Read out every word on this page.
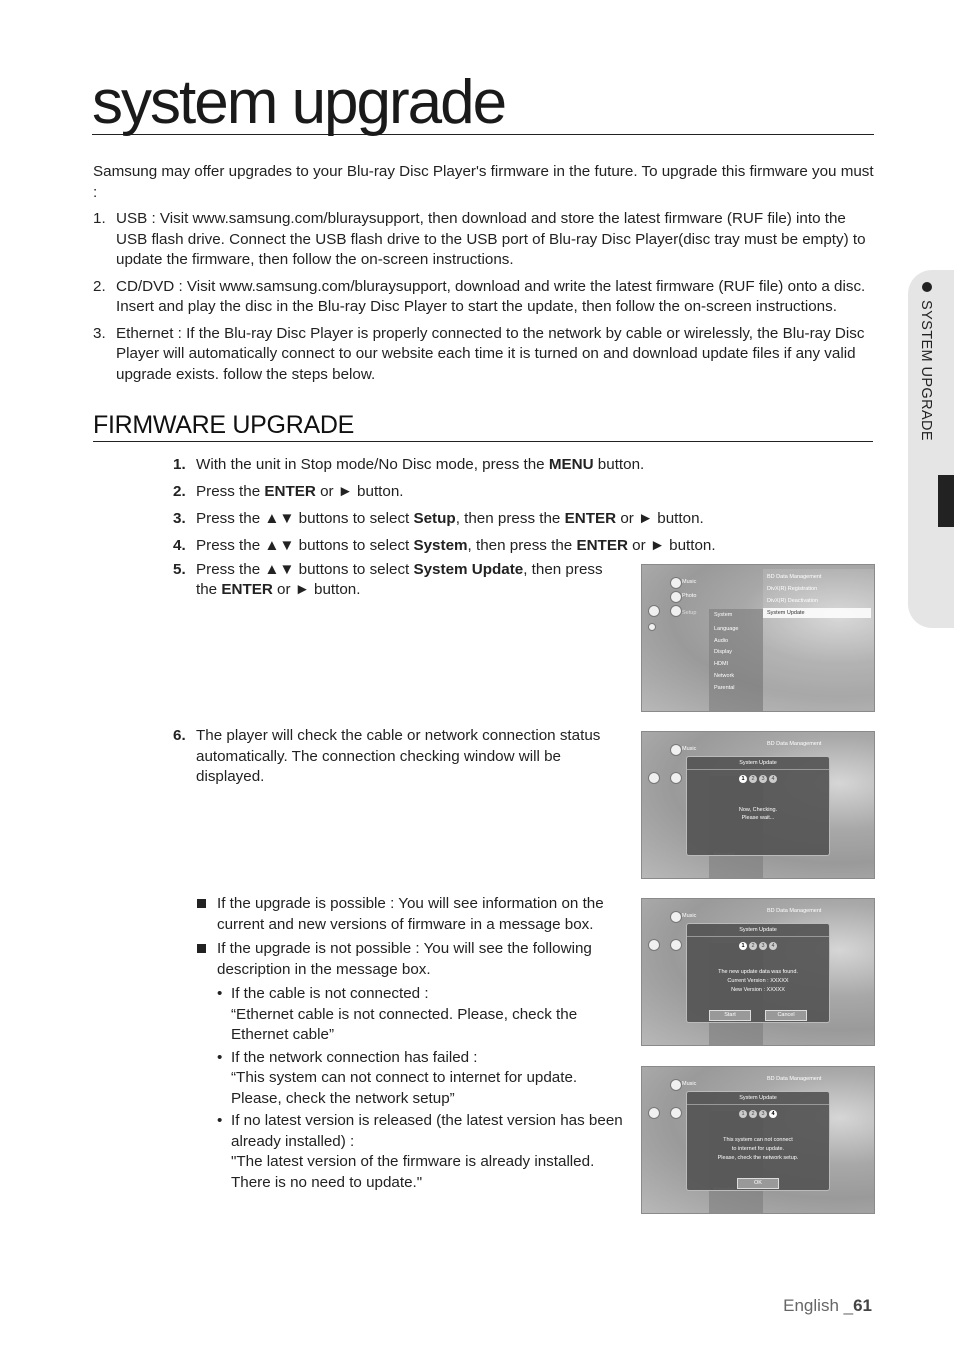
system upgrade

Samsung may offer upgrades to your Blu-ray Disc Player's firmware in the future. To upgrade this firmware you must :

1. USB : Visit www.samsung.com/bluraysupport, then download and store the latest firmware (RUF file) into the USB flash drive. Connect the USB flash drive to the USB port of Blu-ray Disc Player(disc tray must be empty) to update the firmware, then follow the on-screen instructions.
2. CD/DVD : Visit www.samsung.com/bluraysupport, download and write the latest firmware (RUF file) onto a disc. Insert and play the disc in the Blu-ray Disc Player to start the update, then follow the on-screen instructions.
3. Ethernet : If the Blu-ray Disc Player is properly connected to the network by cable or wirelessly, the Blu-ray Disc Player will automatically connect to our website each time it is turned on and download update files if any valid upgrade exists. follow the steps below.
FIRMWARE UPGRADE
1. With the unit in Stop mode/No Disc mode, press the MENU button.
2. Press the ENTER or ► button.
3. Press the ▲▼ buttons to select Setup, then press the ENTER or ► button.
4. Press the ▲▼ buttons to select System, then press the ENTER or ► button.
5. Press the ▲▼ buttons to select System Update, then press
the ENTER or ► button.
6. The player will check the cable or network connection status automatically. The connection checking window will be displayed.
If the upgrade is possible : You will see information on the current and new versions of firmware in a message box.
If the upgrade is not possible : You will see the following description in the message box.
• If the cable is not connected :
“Ethernet cable is not connected. Please, check the Ethernet cable”
• If the network connection has failed :
“This system can not connect to internet for update. Please, check the network setup”
• If no latest version is released (the latest version has been already installed) :
"The latest version of the firmware is already installed. There is no need to update."
Music
Photo
Setup
BD Data Management
DivX(R) Registration
DivX(R) Deactivation
System Update
System
Language
Audio
Display
HDMI
Network
Parental
Music
BD Data Management
System Update
1 2 3 4
Now, Checking.
Please wait...
Music
BD Data Management
System Update
1 2 3 4
The new update data was found.
Current Version : XXXXX
New Version : XXXXX
Start	Cancel
Music
BD Data Management
System Update
1 2 3 4
This system can not connect
to internet for update.
Please, check the network setup.
OK
SYSTEM UPGRADE
English _61
